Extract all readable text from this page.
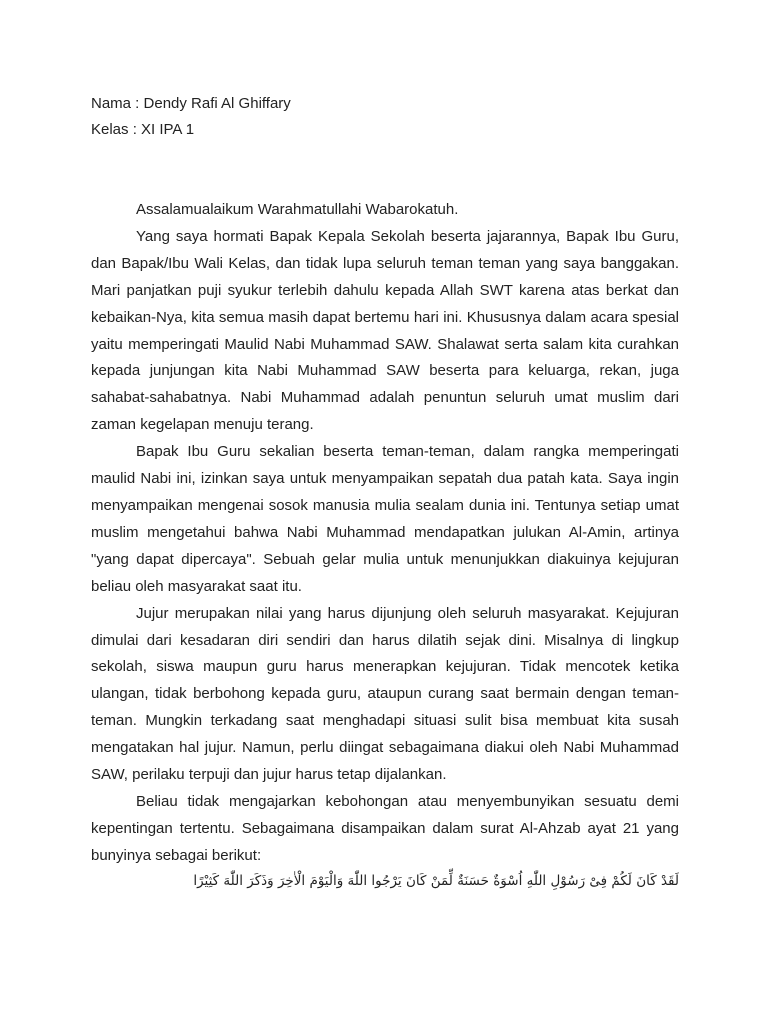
Nama : Dendy Rafi Al Ghiffary
Kelas : XI IPA 1

Assalamualaikum Warahmatullahi Wabarokatuh.

Yang saya hormati Bapak Kepala Sekolah beserta jajarannya, Bapak Ibu Guru, dan Bapak/Ibu Wali Kelas, dan tidak lupa seluruh teman teman yang saya banggakan. Mari panjatkan puji syukur terlebih dahulu kepada Allah SWT karena atas berkat dan kebaikan-Nya, kita semua masih dapat bertemu hari ini. Khususnya dalam acara spesial yaitu memperingati Maulid Nabi Muhammad SAW. Shalawat serta salam kita curahkan kepada junjungan kita Nabi Muhammad SAW beserta para keluarga, rekan, juga sahabat-sahabatnya. Nabi Muhammad adalah penuntun seluruh umat muslim dari zaman kegelapan menuju terang.

Bapak Ibu Guru sekalian beserta teman-teman, dalam rangka memperingati maulid Nabi ini, izinkan saya untuk menyampaikan sepatah dua patah kata. Saya ingin menyampaikan mengenai sosok manusia mulia sealam dunia ini. Tentunya setiap umat muslim mengetahui bahwa Nabi Muhammad mendapatkan julukan Al-Amin, artinya "yang dapat dipercaya". Sebuah gelar mulia untuk menunjukkan diakuinya kejujuran beliau oleh masyarakat saat itu.

Jujur merupakan nilai yang harus dijunjung oleh seluruh masyarakat. Kejujuran dimulai dari kesadaran diri sendiri dan harus dilatih sejak dini. Misalnya di lingkup sekolah, siswa maupun guru harus menerapkan kejujuran. Tidak mencotek ketika ulangan, tidak berbohong kepada guru, ataupun curang saat bermain dengan teman-teman. Mungkin terkadang saat menghadapi situasi sulit bisa membuat kita susah mengatakan hal jujur. Namun, perlu diingat sebagaimana diakui oleh Nabi Muhammad SAW, perilaku terpuji dan jujur harus tetap dijalankan.

Beliau tidak mengajarkan kebohongan atau menyembunyikan sesuatu demi kepentingan tertentu. Sebagaimana disampaikan dalam surat Al-Ahzab ayat 21 yang bunyinya sebagai berikut:

لَقَدْ كَانَ لَكُمْ فِىْ رَسُوْلِ اللّٰهِ اُسْوَةٌ حَسَنَةٌ لِّمَنْ كَانَ يَرْجُوا اللّٰهَ وَالْيَوْمَ الْاٰخِرَ وَذَكَرَ اللّٰهَ كَثِيْرًا
